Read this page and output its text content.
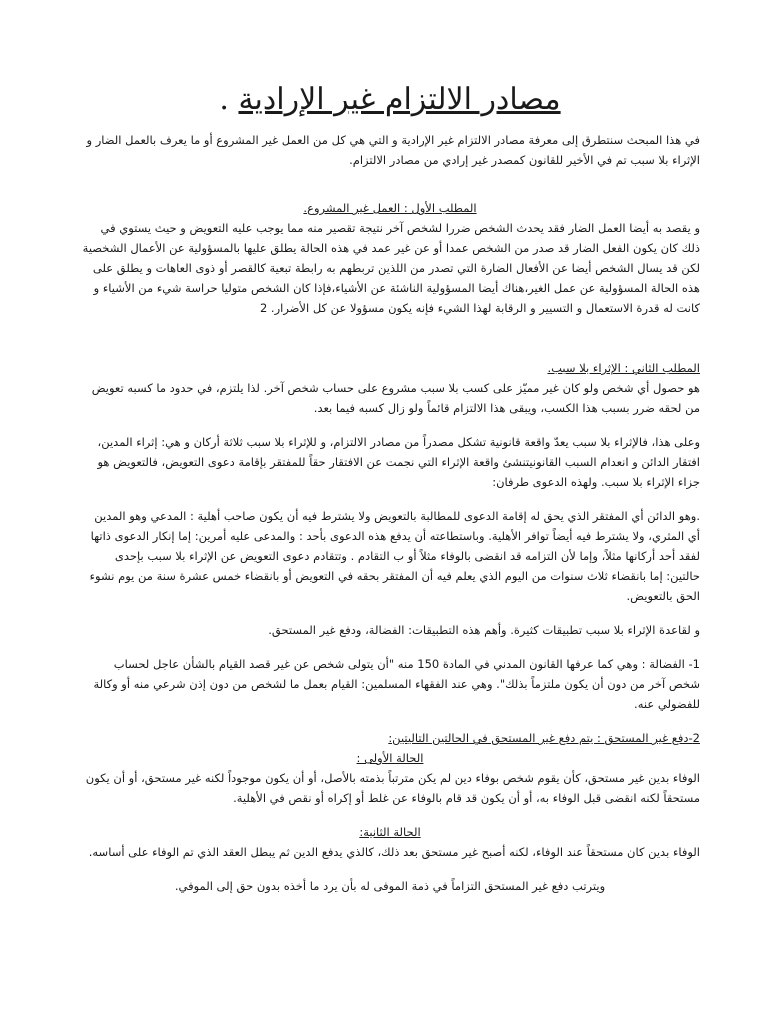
مصادر الالتزام غير الإرادية .

في هذا المبحث سنتطرق إلى معرفة مصادر الالتزام غير الإرادية و التي هي كل من العمل غير المشروع أو ما يعرف بالعمل الضار و الإثراء بلا سبب تم في الأخير للقانون كمصدر غير إرادي من مصادر الالتزام.

المطلب الأول : العمل غير المشروع.

و يقصد به أيضا العمل الضار فقد يحدث الشخص ضررا لشخص آخر نتيجة تقصير منه مما يوجب عليه التعويض و حيث يستوي في ذلك كان يكون الفعل الضار قد صدر من الشخص عمدا أو عن غير عمد في هذه الحالة يطلق عليها بالمسؤولية عن الأعمال الشخصية لكن قد يسال الشخص أيضا عن الأفعال الضارة التي تصدر من اللذين تربطهم به رابطة تبعية كالقصر أو ذوى العاهات و يطلق على هذه الحالة المسؤولية عن عمل الغير،هناك أيضا المسؤولية الناشئة عن الأشياء،فإذا كان الشخص متوليا حراسة شيء من الأشياء و كانت له قدرة الاستعمال و التسيير و الرقابة لهذا الشيء فإنه يكون مسؤولا عن كل الأضرار. 2

المطلب الثاني : الإثراء بلا سبب.

هو حصول أي شخص ولو كان غير مميّز على كسب بلا سبب مشروع على حساب شخص آخر. لذا يلتزم، في حدود ما كسبه تعويض من لحقه ضرر بسبب هذا الكسب، ويبقى هذا الالتزام قائماً ولو زال كسبه فيما بعد.

وعلى هذا، فالإثراء بلا سبب يعدّ واقعة قانونية تشكل مصدراً من مصادر الالتزام، و للإثراء بلا سبب ثلاثة أركان و هي: إثراء المدين، افتقار الدائن و انعدام السبب القانونيتنشئ واقعة الإثراء التي نجمت عن الافتقار حقاً للمفتقر بإقامة دعوى التعويض، فالتعويض هو جزاء الإثراء بلا سبب. ولهذه الدعوى طرفان:

.وهو الدائن أي المفتقر الذي يحق له إقامة الدعوى للمطالبة بالتعويض ولا يشترط فيه أن يكون صاحب أهلية : المدعي وهو المدين أي المثري، ولا يشترط فيه أيضاً توافر الأهلية. وباستطاعته أن يدفع هذه الدعوى بأحد : والمدعى عليه أمرين: إما إنكار الدعوى ذاتها لفقد أحد أركانها مثلاً، وإما لأن التزامه قد انقضى بالوفاء مثلاً أو ب التقادم . وتتقادم دعوى التعويض عن الإثراء بلا سبب بإحدى حالتين: إما بانقضاء ثلاث سنوات من اليوم الذي يعلم فيه أن المفتقر بحقه في التعويض أو بانقضاء خمس عشرة سنة من يوم نشوء الحق بالتعويض.

و لقاعدة الإثراء بلا سبب تطبيقات كثيرة. وأهم هذه التطبيقات: الفضالة، ودفع غير المستحق.

1- الفضالة : وهي كما عرفها القانون المدني في المادة 150 منه "أن يتولى شخص عن غير قصد القيام بالشأن عاجل لحساب شخص آخر من دون أن يكون ملتزماً بذلك". وهي عند الفقهاء المسلمين: القيام بعمل ما لشخص من دون إذن شرعي منه أو وكالة للفضولي عنه.

2-دفع غير المستحق : يتم دفع غير المستحق في الحالتين التاليتين:

الحالة الأولى :

الوفاء بدين غير مستحق، كأن يقوم شخص بوفاء دين لم يكن مترتباً بذمته بالأصل، أو أن يكون موجوداً لكنه غير مستحق، أو أن يكون مستحقاً لكنه انقضى قبل الوفاء به، أو أن يكون قد قام بالوفاء عن غلط أو إكراه أو نقص في الأهلية.

الحالة الثانية:

الوفاء بدين كان مستحقاً عند الوفاء، لكنه أصبح غير مستحق بعد ذلك، كالذي يدفع الدين ثم يبطل العقد الذي تم الوفاء على أساسه.

ويترتب دفع غير المستحق التزاماً في ذمة الموفى له بأن يرد ما أخذه بدون حق إلى الموفي.
